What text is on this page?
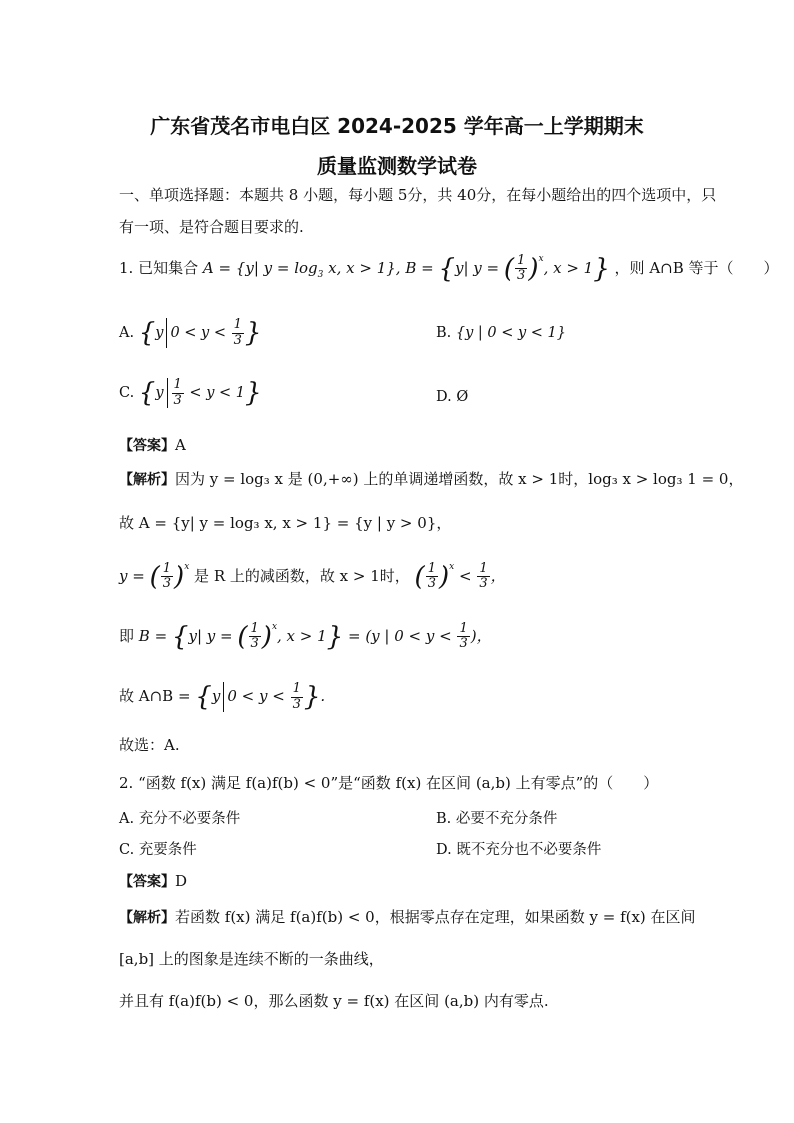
广东省茂名市电白区 2024-2025 学年高一上学期期末
质量监测数学试卷
一、单项选择题：本题共 8 小题，每小题 5分，共 40分，在每小题给出的四个选项中，只
有一项、是符合题目要求的.
1. 已知集合 A = {y| $y = \log_3 x$, x > 1}, B = {y| y = ( $\frac{1}{3} )^x$, x > 1} ，则 A∩B 等于（　　）
A. {y $0 < y < \frac{1}{3}$ }	B. {y | 0 < y < 1}
C. $\{y \frac{1}{3} < y < 1\}$	D. Ø
【答案】A
【解析】因为 y = log₃ x 是 (0,+∞) 上的单调递增函数，故 x > 1时，log₃ x > log₃ 1 = 0，
故 A = {y| y = log₃ x, x > 1} = {y | y > 0}，
y = ( $\frac{1}{3} )^x$ 是 R 上的减函数，故 x > 1时， ( $\frac{1}{3} )^x < \frac{1}{3}$ ，
即 B = {y| y = ( $\frac{1}{3} )^x$, x > 1} = (y | $0 < y < \frac{1}{3}$ )，
故 A∩B = {y $0 < y < \frac{1}{3}$ }.
故选：A.
2. “函数 f(x) 满足 f(a)f(b) < 0”是“函数 f(x) 在区间 (a,b) 上有零点”的（　　）
A. 充分不必要条件	B. 必要不充分条件
C. 充要条件	D. 既不充分也不必要条件
【答案】D
【解析】若函数 f(x) 满足 f(a)f(b) < 0，根据零点存在定理，如果函数 y = f(x) 在区间
[a,b] 上的图象是连续不断的一条曲线，
并且有 f(a)f(b) < 0，那么函数 y = f(x) 在区间 (a,b) 内有零点.
